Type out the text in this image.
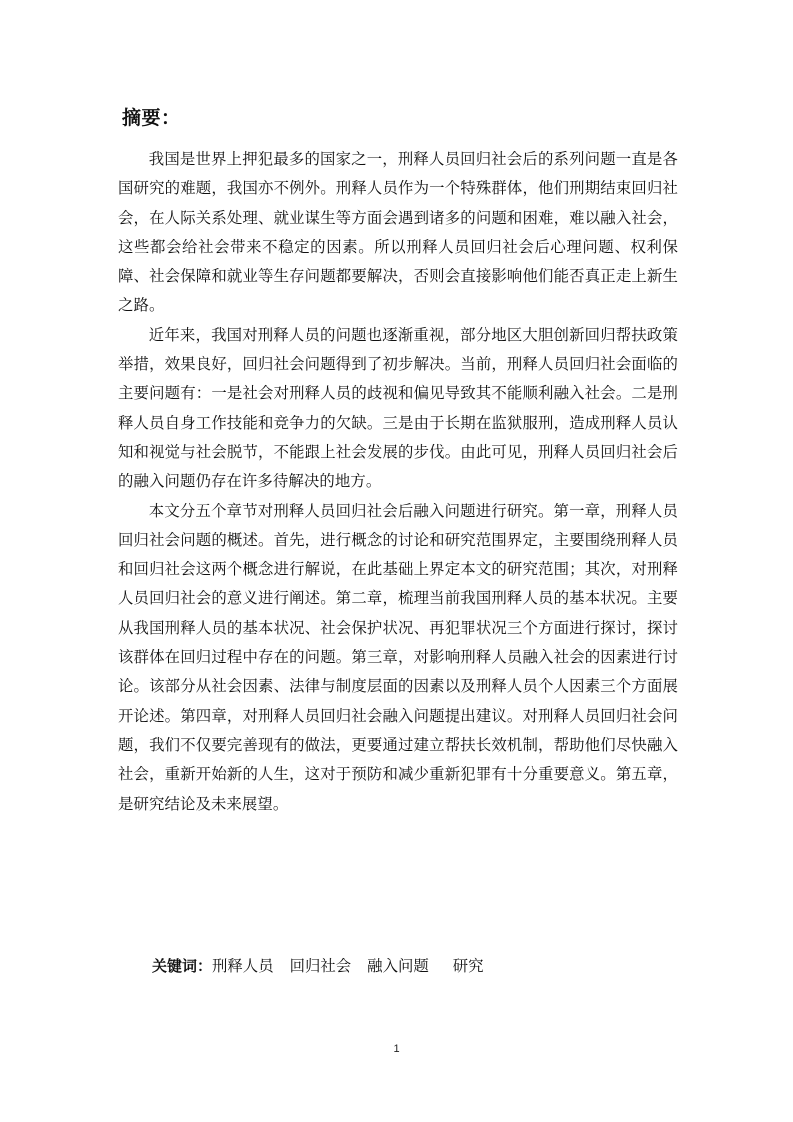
摘要：

我国是世界上押犯最多的国家之一，刑释人员回归社会后的系列问题一直是各国研究的难题，我国亦不例外。刑释人员作为一个特殊群体，他们刑期结束回归社会，在人际关系处理、就业谋生等方面会遇到诸多的问题和困难，难以融入社会，这些都会给社会带来不稳定的因素。所以刑释人员回归社会后心理问题、权利保障、社会保障和就业等生存问题都要解决，否则会直接影响他们能否真正走上新生之路。

近年来，我国对刑释人员的问题也逐渐重视，部分地区大胆创新回归帮扶政策举措，效果良好，回归社会问题得到了初步解决。当前，刑释人员回归社会面临的主要问题有：一是社会对刑释人员的歧视和偏见导致其不能顺利融入社会。二是刑释人员自身工作技能和竞争力的欠缺。三是由于长期在监狱服刑，造成刑释人员认知和视觉与社会脱节，不能跟上社会发展的步伐。由此可见，刑释人员回归社会后的融入问题仍存在许多待解决的地方。

本文分五个章节对刑释人员回归社会后融入问题进行研究。第一章，刑释人员回归社会问题的概述。首先，进行概念的讨论和研究范围界定，主要围绕刑释人员和回归社会这两个概念进行解说，在此基础上界定本文的研究范围；其次，对刑释人员回归社会的意义进行阐述。第二章，梳理当前我国刑释人员的基本状况。主要从我国刑释人员的基本状况、社会保护状况、再犯罪状况三个方面进行探讨，探讨该群体在回归过程中存在的问题。第三章，对影响刑释人员融入社会的因素进行讨论。该部分从社会因素、法律与制度层面的因素以及刑释人员个人因素三个方面展开论述。第四章，对刑释人员回归社会融入问题提出建议。对刑释人员回归社会问题，我们不仅要完善现有的做法，更要通过建立帮扶长效机制，帮助他们尽快融入社会，重新开始新的人生，这对于预防和减少重新犯罪有十分重要意义。第五章，是研究结论及未来展望。

关键词：刑释人员 回归社会 融入问题 研究
1
